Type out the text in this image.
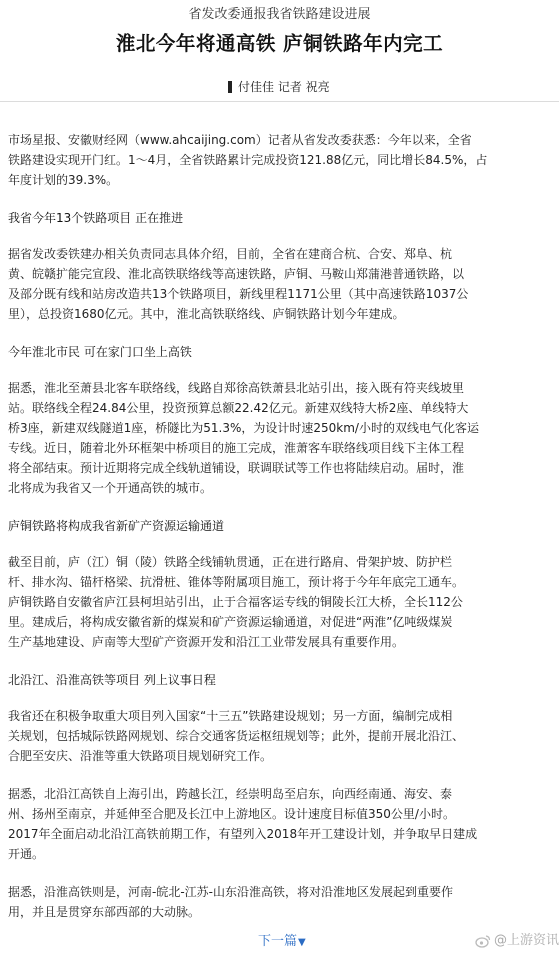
省发改委通报我省铁路建设进展
淮北今年将通高铁 庐铜铁路年内完工
付佳佳 记者 祝亮
市场星报、安徽财经网（www.ahcaijing.com）记者从省发改委获悉：今年以来，全省
铁路建设实现开门红。1～4月，全省铁路累计完成投资121.88亿元，同比增长84.5%，占
年度计划的39.3%。
我省今年13个铁路项目 正在推进
据省发改委铁建办相关负责同志具体介绍，目前，全省在建商合杭、合安、郑阜、杭
黄、皖赣扩能完宣段、淮北高铁联络线等高速铁路，庐铜、马鞍山郑蒲港普通铁路，以
及部分既有线和站房改造共13个铁路项目，新线里程1171公里（其中高速铁路1037公
里），总投资1680亿元。其中，淮北高铁联络线、庐铜铁路计划今年建成。
今年淮北市民 可在家门口坐上高铁
据悉，淮北至萧县北客车联络线，线路自郑徐高铁萧县北站引出，接入既有符夹线坡里
站。联络线全程24.84公里，投资预算总额22.42亿元。新建双线特大桥2座、单线特大
桥3座，新建双线隧道1座，桥隧比为51.3%，为设计时速250km/小时的双线电气化客运
专线。近日，随着北外环框架中桥项目的施工完成，淮萧客车联络线项目线下主体工程
将全部结束。预计近期将完成全线轨道铺设，联调联试等工作也将陆续启动。届时，淮
北将成为我省又一个开通高铁的城市。
庐铜铁路将构成我省新矿产资源运输通道
截至目前，庐（江）铜（陵）铁路全线铺轨贯通，正在进行路肩、骨架护坡、防护栏
杆、排水沟、锚杆格梁、抗滑桩、锥体等附属项目施工，预计将于今年年底完工通车。
庐铜铁路自安徽省庐江县柯坦站引出，止于合福客运专线的铜陵长江大桥，全长112公
里。建成后，将构成安徽省新的煤炭和矿产资源运输通道，对促进“两淮”亿吨级煤炭
生产基地建设、庐南等大型矿产资源开发和沿江工业带发展具有重要作用。
北沿江、沿淮高铁等项目 列上议事日程
我省还在积极争取重大项目列入国家“十三五”铁路建设规划；另一方面，编制完成相
关规划，包括城际铁路网规划、综合交通客货运枢纽规划等；此外，提前开展北沿江、
合肥至安庆、沿淮等重大铁路项目规划研究工作。
据悉，北沿江高铁自上海引出，跨越长江，经崇明岛至启东，向西经南通、海安、泰
州、扬州至南京，并延伸至合肥及长江中上游地区。设计速度目标值350公里/小时。
2017年全面启动北沿江高铁前期工作，有望列入2018年开工建设计划，并争取早日建成
开通。
据悉，沿淮高铁则是，河南-皖北-江苏-山东沿淮高铁，将对沿淮地区发展起到重要作
用，并且是贯穿东部西部的大动脉。
下一篇▼	@上游资讯
